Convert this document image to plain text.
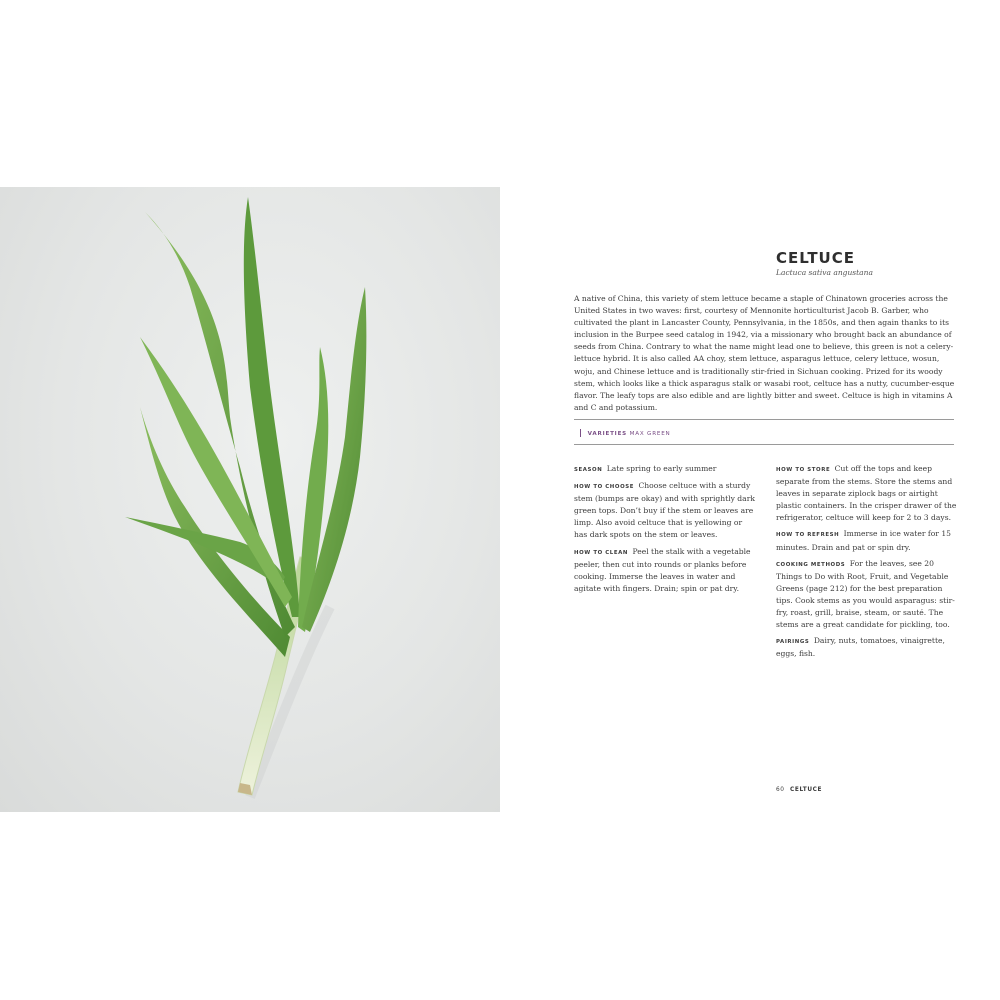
CELTUCE
Lactuca sativa angustana
A native of China, this variety of stem lettuce became a staple of Chinatown groceries across the United States in two waves: first, courtesy of Mennonite horticulturist Jacob B. Garber, who cultivated the plant in Lancaster County, Pennsylvania, in the 1850s, and then again thanks to its inclusion in the Burpee seed catalog in 1942, via a missionary who brought back an abundance of seeds from China. Contrary to what the name might lead one to believe, this green is not a celery-lettuce hybrid. It is also called AA choy, stem lettuce, asparagus lettuce, celery lettuce, wosun, woju, and Chinese lettuce and is traditionally stir-fried in Sichuan cooking. Prized for its woody stem, which looks like a thick asparagus stalk or wasabi root, celtuce has a nutty, cucumber-esque flavor. The leafy tops are also edible and are lightly bitter and sweet. Celtuce is high in vitamins A and C and potassium.
VARIETIES MAX GREEN

SEASON Late spring to early summer

HOW TO CHOOSE Choose celtuce with a sturdy stem (bumps are okay) and with sprightly dark green tops. Don’t buy if the stem or leaves are limp. Also avoid celtuce that is yellowing or has dark spots on the stem or leaves.

HOW TO CLEAN Peel the stalk with a vegetable peeler, then cut into rounds or planks before cooking. Immerse the leaves in water and agitate with fingers. Drain; spin or pat dry.

HOW TO STORE Cut off the tops and keep separate from the stems. Store the stems and leaves in separate ziplock bags or airtight plastic containers. In the crisper drawer of the refrigerator, celtuce will keep for 2 to 3 days.

HOW TO REFRESH Immerse in ice water for 15 minutes. Drain and pat or spin dry.

COOKING METHODS For the leaves, see 20 Things to Do with Root, Fruit, and Vegetable Greens (page 212) for the best preparation tips. Cook stems as you would asparagus: stir-fry, roast, grill, braise, steam, or sauté. The stems are a great candidate for pickling, too.

PAIRINGS Dairy, nuts, tomatoes, vinaigrette, eggs, fish.

60 CELTUCE
